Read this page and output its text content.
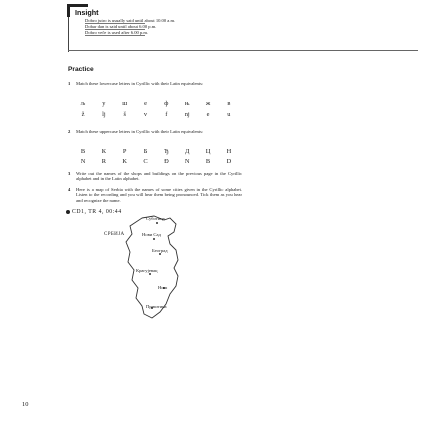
Insight
Dobro jutro is usually said until about 10.00 a.m.
Dobar dan is said until about 6.00 p.m.
Dobro veče is used after 6.00 p.m.
Practice
1 Match these lowercase letters in Cyrillic with their Latin equivalents:
љ	у	ш	е	ф	њ	ж	в
ž	lj	š	v	f	nj	e	u
2 Match these uppercase letters in Cyrillic with their Latin equivalents:
В	К	Р	Б	Ђ	Д	Ц	Н
N	R	K	C	Đ	N	B	D
3 Write out the names of the shops and buildings on the previous page in the Cyrillic alphabet and in the Latin alphabet.
4 Here is a map of Serbia with the names of some cities given in the Cyrillic alphabet. Listen to the recording and you will hear them being pronounced. Tick them as you hear and recognize the name.
CD1, TR 4, 00:44
СРБИЈА
Суботица
Нови Сад
Београд
Крагујевац
Ниш
Приштина
10
